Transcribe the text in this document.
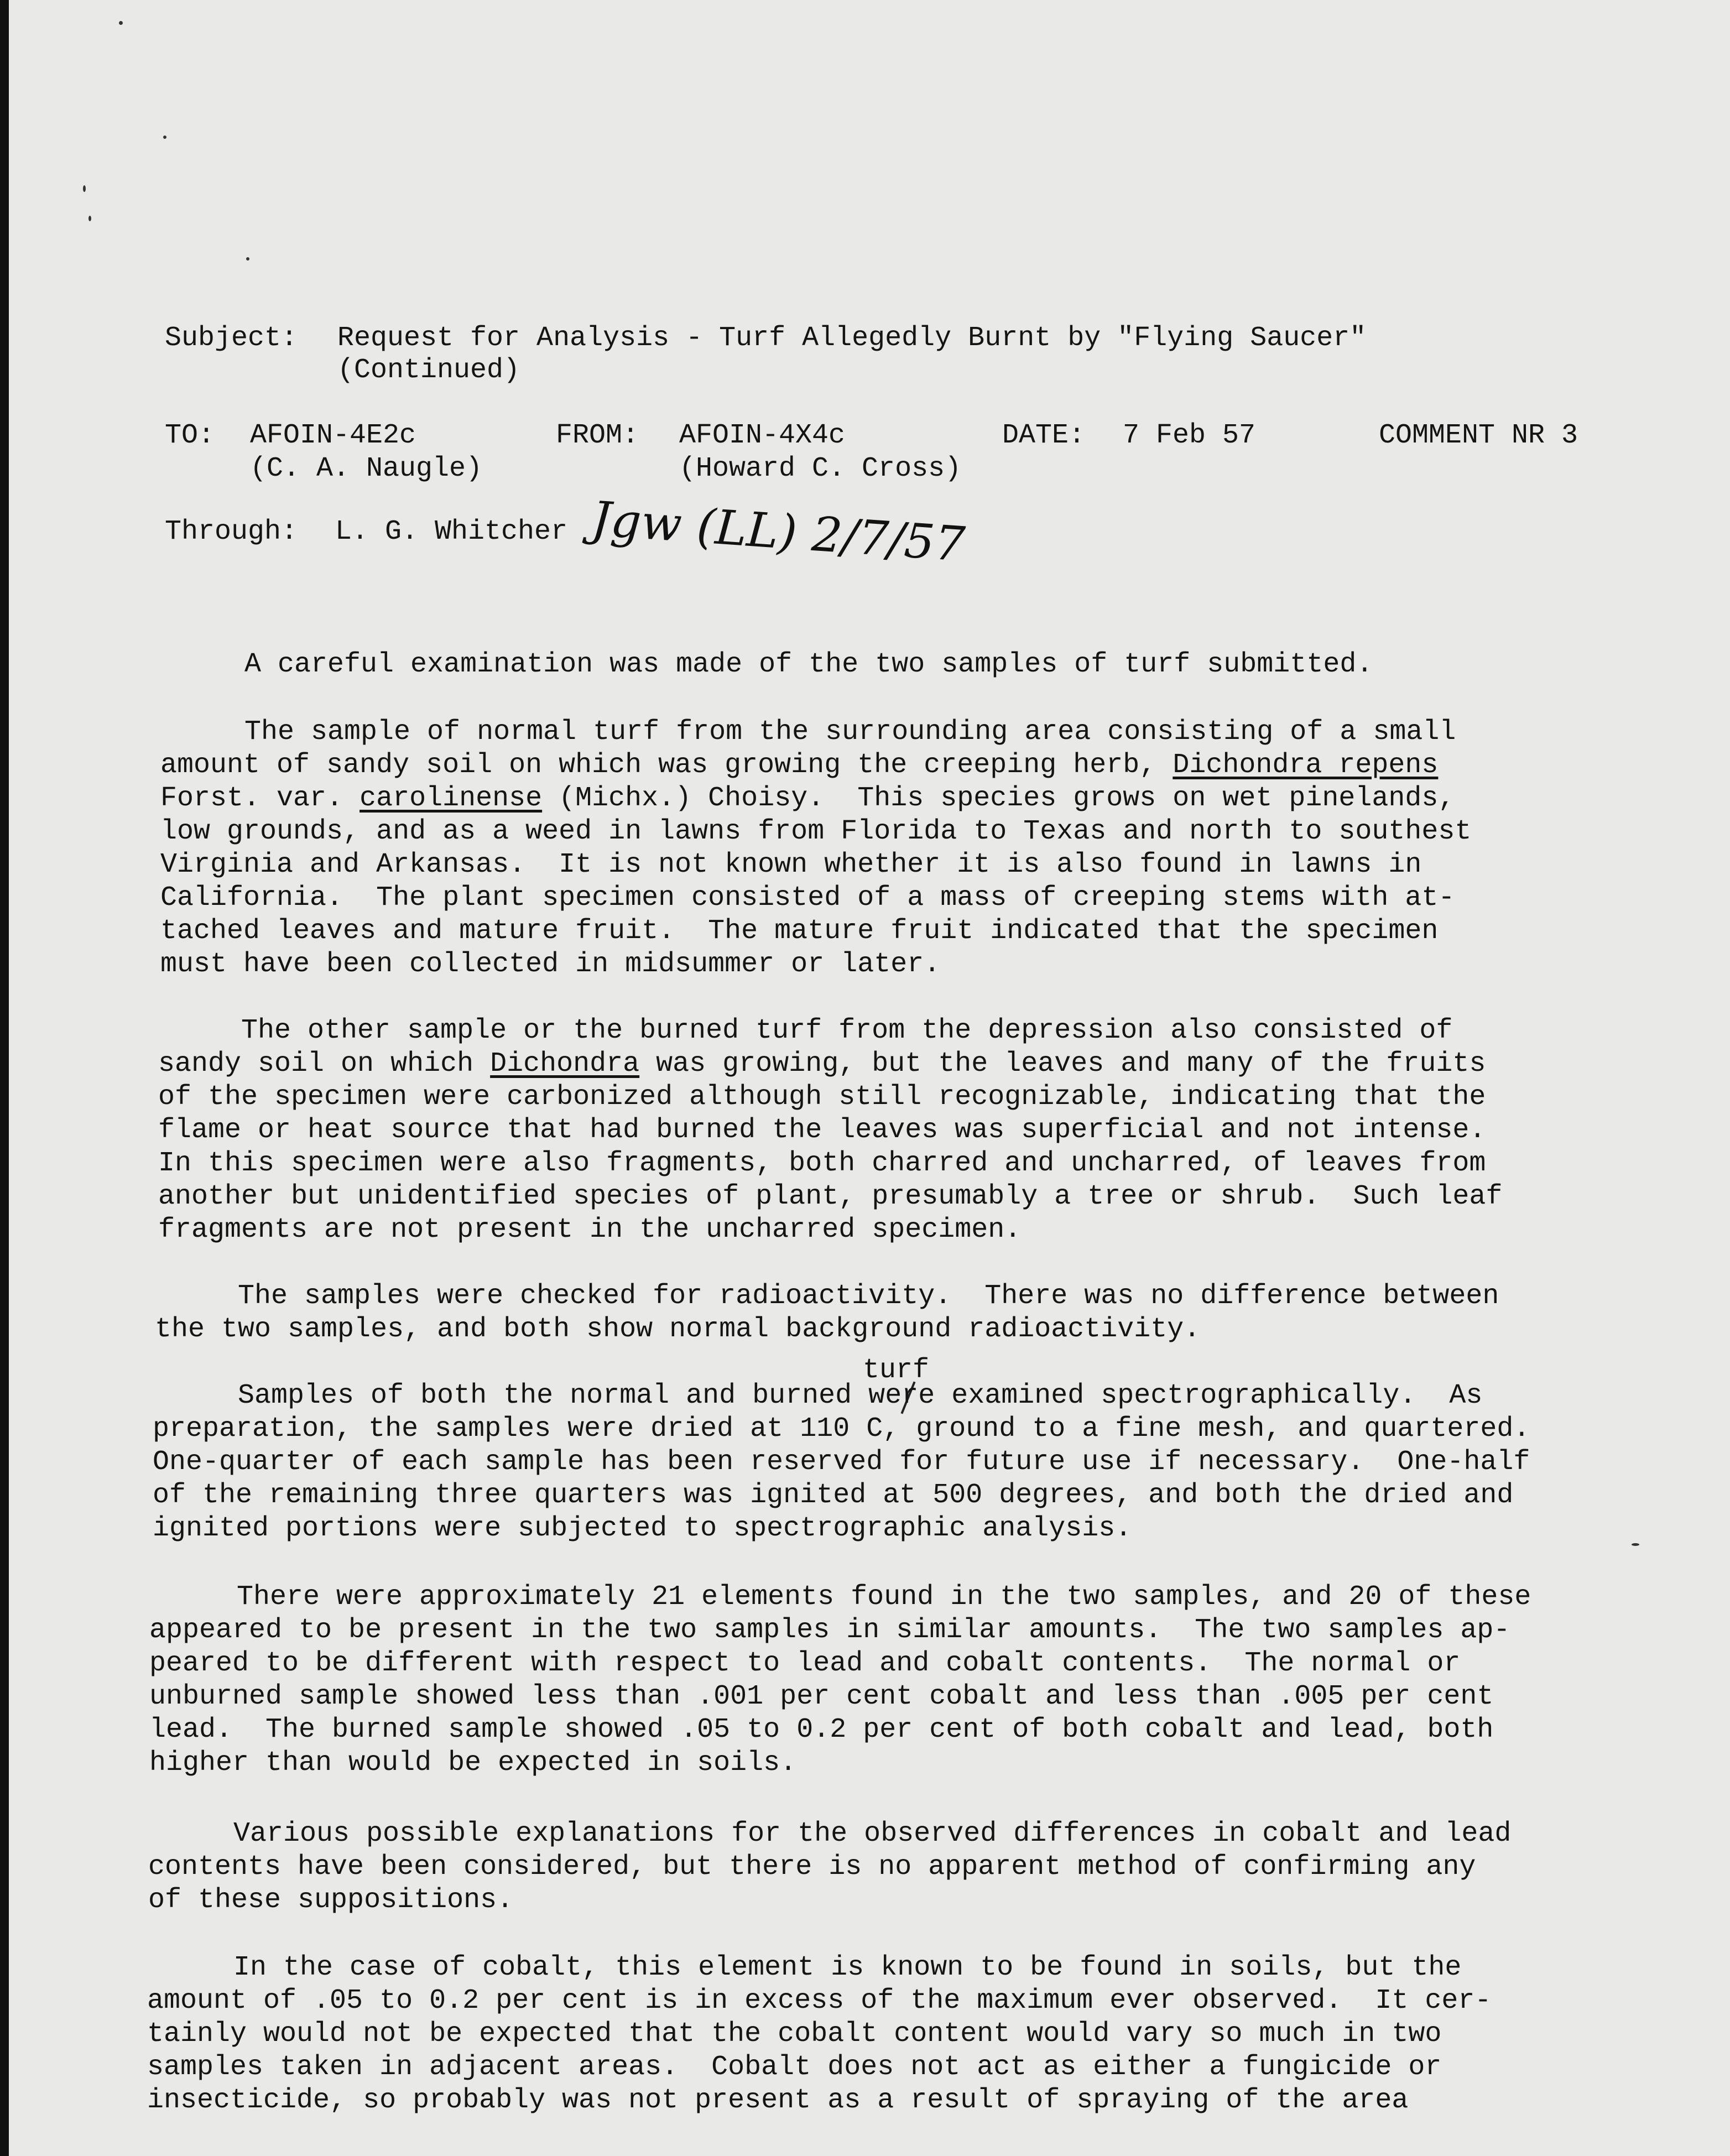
Subject: Request for Analysis - Turf Allegedly Burnt by "Flying Saucer"
(Continued)
TO: AFOIN-4E2c
(C. A. Naugle)
FROM: AFOIN-4X4c
(Howard C. Cross)
DATE: 7 Feb 57	COMMENT NR 3
Through: L. G. Whitcher Jgw (LL) 2/7/57
A careful examination was made of the two samples of turf submitted.
The sample of normal turf from the surrounding area consisting of a small
amount of sandy soil on which was growing the creeping herb, Dichondra repens
Forst. var. carolinense (Michx.) Choisy.  This species grows on wet pinelands,
low grounds, and as a weed in lawns from Florida to Texas and north to southest
Virginia and Arkansas.  It is not known whether it is also found in lawns in
California.  The plant specimen consisted of a mass of creeping stems with at-
tached leaves and mature fruit.  The mature fruit indicated that the specimen
must have been collected in midsummer or later.
The other sample or the burned turf from the depression also consisted of
sandy soil on which Dichondra was growing, but the leaves and many of the fruits
of the specimen were carbonized although still recognizable, indicating that the
flame or heat source that had burned the leaves was superficial and not intense.
In this specimen were also fragments, both charred and uncharred, of leaves from
another but unidentified species of plant, presumably a tree or shrub.  Such leaf
fragments are not present in the uncharred specimen.
The samples were checked for radioactivity.  There was no difference between
the two samples, and both show normal background radioactivity.
turf
Samples of both the normal and burned were examined spectrographically.  As
preparation, the samples were dried at 110 C, ground to a fine mesh, and quartered.
One-quarter of each sample has been reserved for future use if necessary.  One-half
of the remaining three quarters was ignited at 500 degrees, and both the dried and
ignited portions were subjected to spectrographic analysis.
There were approximately 21 elements found in the two samples, and 20 of these
appeared to be present in the two samples in similar amounts.  The two samples ap-
peared to be different with respect to lead and cobalt contents.  The normal or
unburned sample showed less than .001 per cent cobalt and less than .005 per cent
lead.  The burned sample showed .05 to 0.2 per cent of both cobalt and lead, both
higher than would be expected in soils.
Various possible explanations for the observed differences in cobalt and lead
contents have been considered, but there is no apparent method of confirming any
of these suppositions.
In the case of cobalt, this element is known to be found in soils, but the
amount of .05 to 0.2 per cent is in excess of the maximum ever observed.  It cer-
tainly would not be expected that the cobalt content would vary so much in two
samples taken in adjacent areas.  Cobalt does not act as either a fungicide or
insecticide, so probably was not present as a result of spraying of the area
